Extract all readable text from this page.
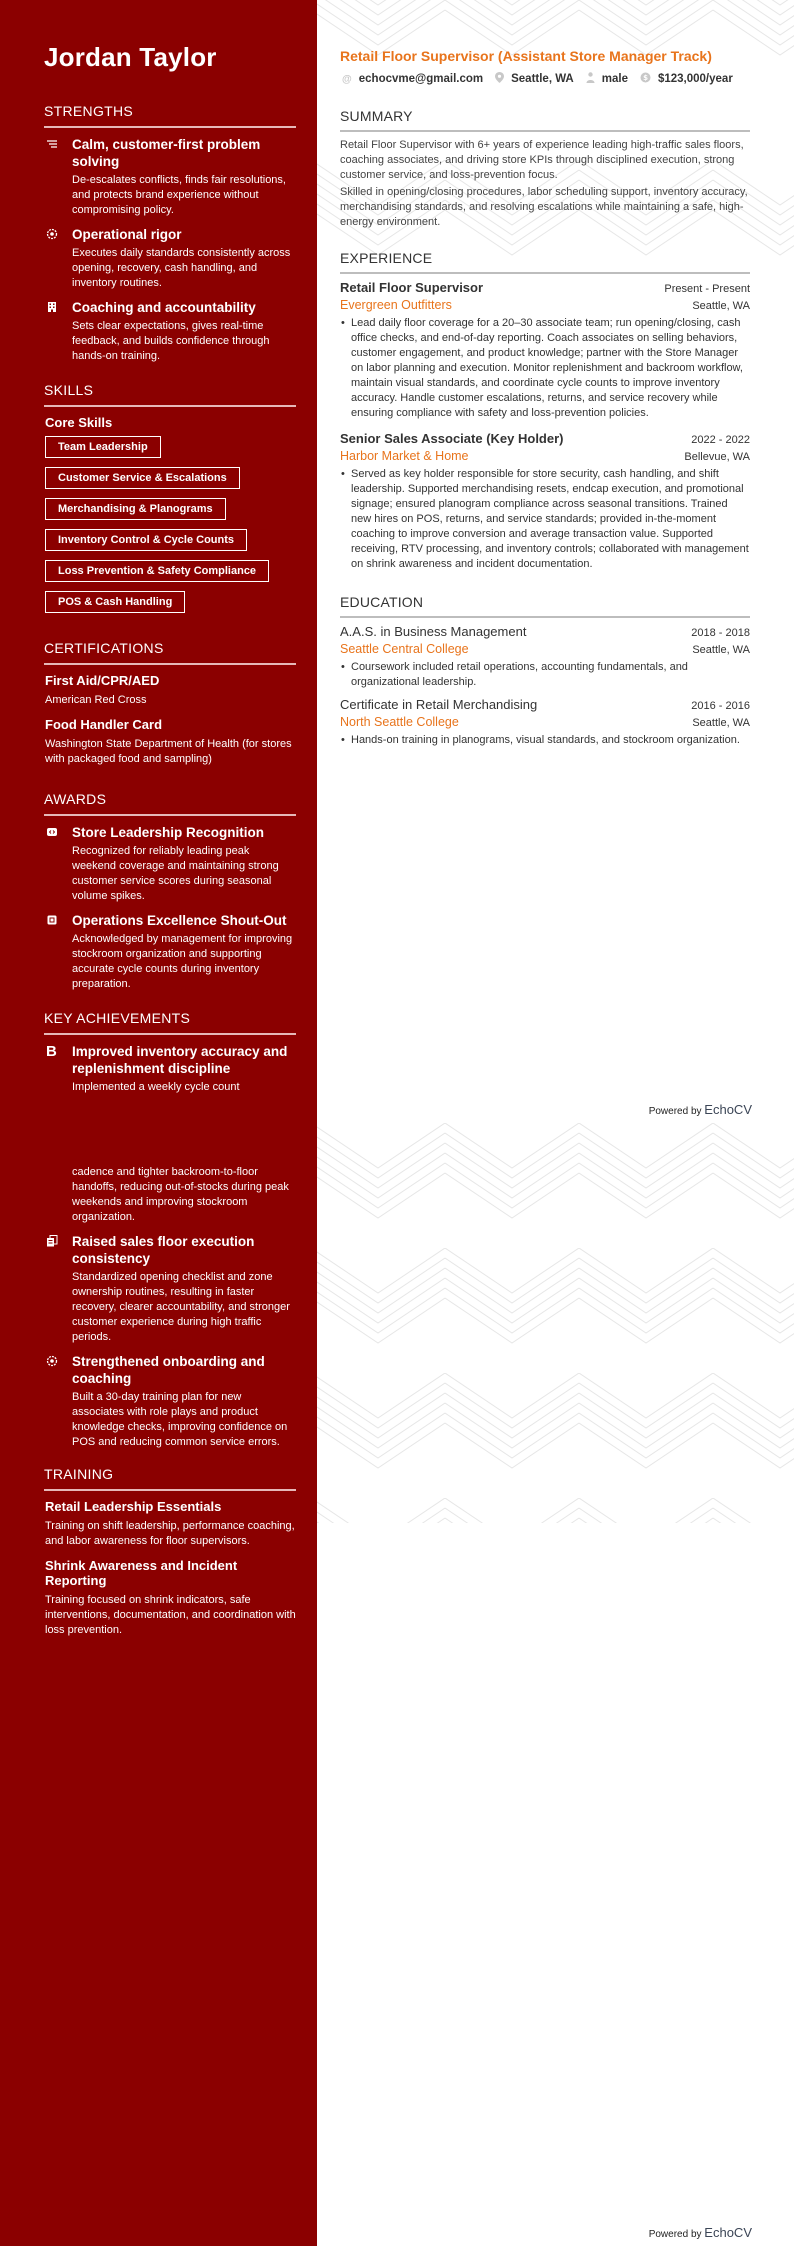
Jordan Taylor
STRENGTHS
Calm, customer-first problem solving
De-escalates conflicts, finds fair resolutions, and protects brand experience without compromising policy.
Operational rigor
Executes daily standards consistently across opening, recovery, cash handling, and inventory routines.
Coaching and accountability
Sets clear expectations, gives real-time feedback, and builds confidence through hands-on training.
SKILLS
Core Skills
Team Leadership
Customer Service & Escalations
Merchandising & Planograms
Inventory Control & Cycle Counts
Loss Prevention & Safety Compliance
POS & Cash Handling
CERTIFICATIONS
First Aid/CPR/AED
American Red Cross
Food Handler Card
Washington State Department of Health (for stores with packaged food and sampling)
AWARDS
Store Leadership Recognition
Recognized for reliably leading peak weekend coverage and maintaining strong customer service scores during seasonal volume spikes.
Operations Excellence Shout-Out
Acknowledged by management for improving stockroom organization and supporting accurate cycle counts during inventory preparation.
KEY ACHIEVEMENTS
B	Improved inventory accuracy and replenishment discipline
Implemented a weekly cycle count
Retail Floor Supervisor (Assistant Store Manager Track)
@ echocvme@gmail.com Seattle, WA male $ $123,000/year
SUMMARY

Retail Floor Supervisor with 6+ years of experience leading high-traffic sales floors, coaching associates, and driving store KPIs through disciplined execution, strong customer service, and loss-prevention focus.

Skilled in opening/closing procedures, labor scheduling support, inventory accuracy, merchandising standards, and resolving escalations while maintaining a safe, high-energy environment.

EXPERIENCE
Retail Floor Supervisor	Present - Present
Evergreen Outfitters	Seattle, WA
• Lead daily floor coverage for a 20–30 associate team; run opening/closing, cash office checks, and end-of-day reporting. Coach associates on selling behaviors, customer engagement, and product knowledge; partner with the Store Manager on labor planning and execution. Monitor replenishment and backroom workflow, maintain visual standards, and coordinate cycle counts to improve inventory accuracy. Handle customer escalations, returns, and service recovery while ensuring compliance with safety and loss-prevention policies.
Senior Sales Associate (Key Holder)	2022 - 2022
Harbor Market & Home	Bellevue, WA
• Served as key holder responsible for store security, cash handling, and shift leadership. Supported merchandising resets, endcap execution, and promotional signage; ensured planogram compliance across seasonal transitions. Trained new hires on POS, returns, and service standards; provided in-the-moment coaching to improve conversion and average transaction value. Supported receiving, RTV processing, and inventory controls; collaborated with management on shrink awareness and incident documentation.
EDUCATION
A.A.S. in Business Management	2018 - 2018
Seattle Central College	Seattle, WA
• Coursework included retail operations, accounting fundamentals, and organizational leadership.
Certificate in Retail Merchandising	2016 - 2016
North Seattle College	Seattle, WA
• Hands-on training in planograms, visual standards, and stockroom organization.
Powered by EchoCV
cadence and tighter backroom-to-floor handoffs, reducing out-of-stocks during peak weekends and improving stockroom organization.
Raised sales floor execution consistency
Standardized opening checklist and zone ownership routines, resulting in faster recovery, clearer accountability, and stronger customer experience during high traffic periods.
Strengthened onboarding and coaching
Built a 30-day training plan for new associates with role plays and product knowledge checks, improving confidence on POS and reducing common service errors.
TRAINING
Retail Leadership Essentials
Training on shift leadership, performance coaching, and labor awareness for floor supervisors.
Shrink Awareness and Incident Reporting
Training focused on shrink indicators, safe interventions, documentation, and coordination with loss prevention.
Powered by EchoCV
